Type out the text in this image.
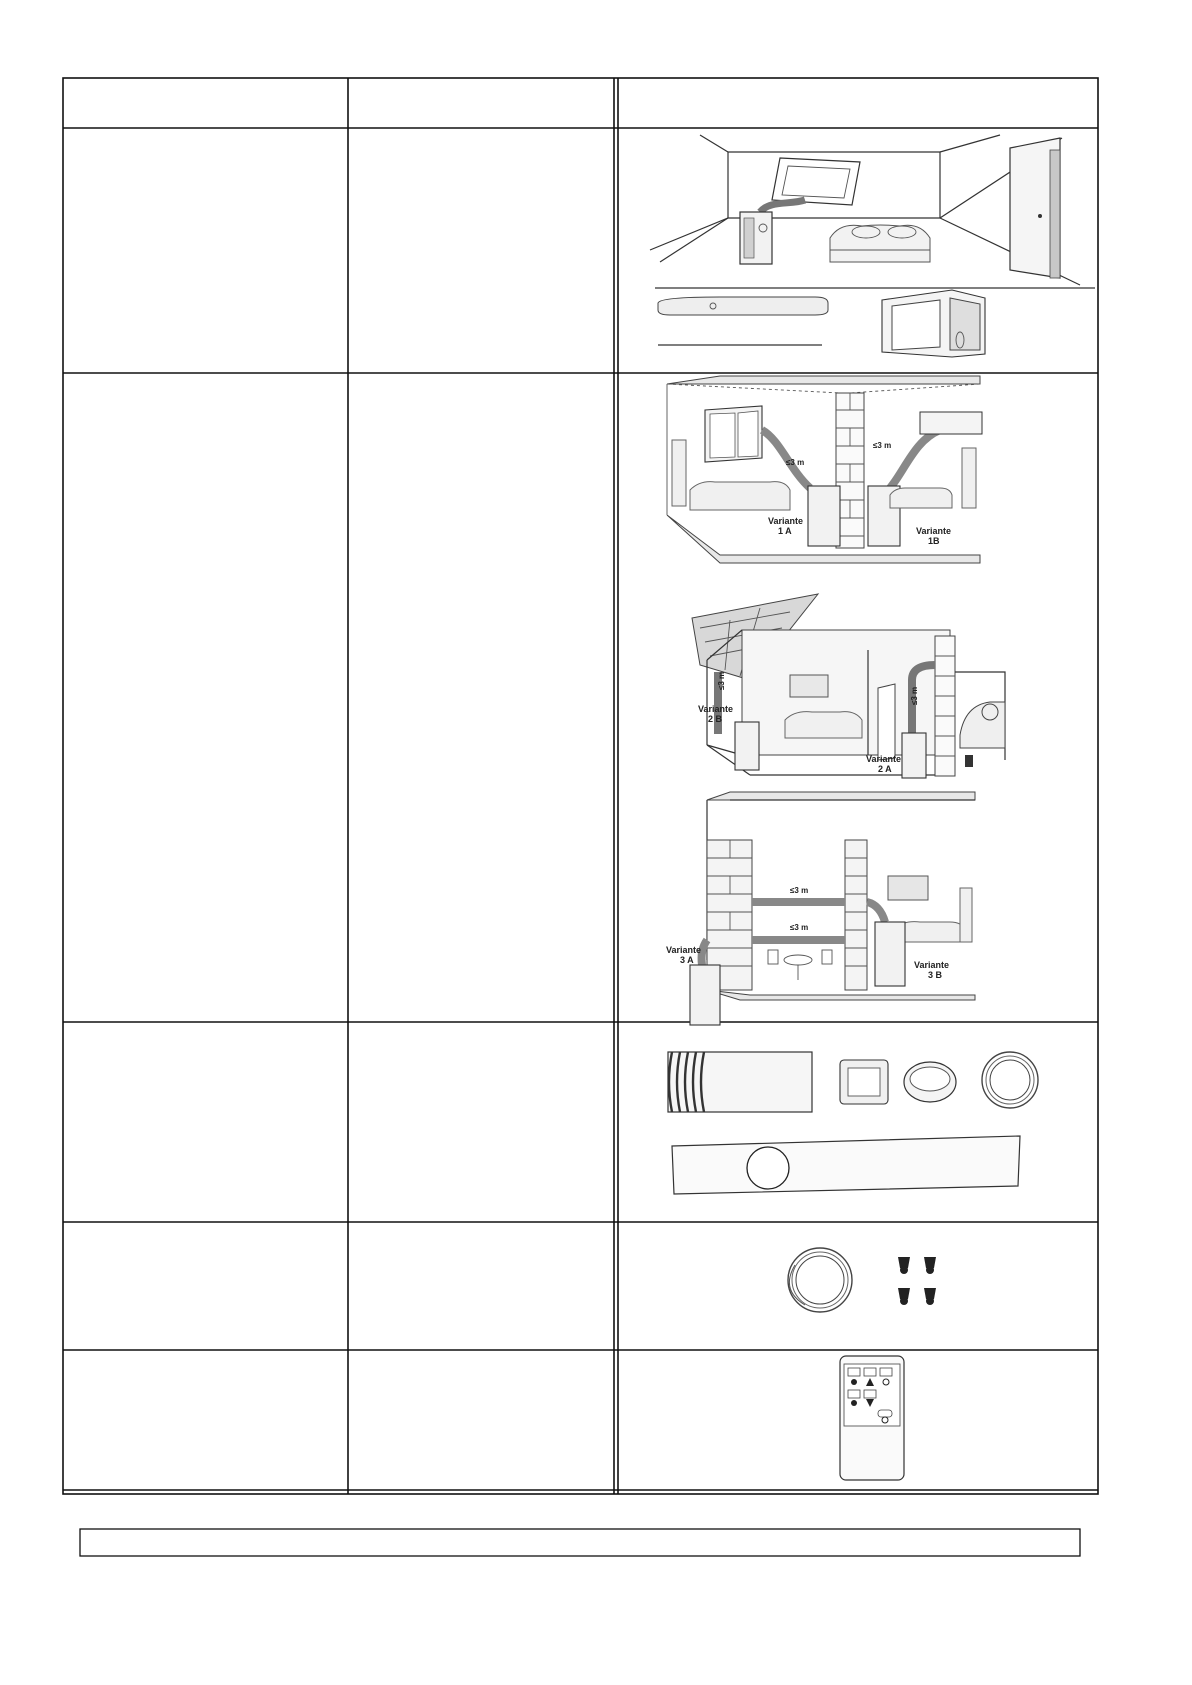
≤3 m
≤3 m
Variante
1 A	Variante
1B
≤3 m
≤3 m
Variante
2 B
Variante
2 A
≤3 m
≤3 m
Variante
3 A	Variante
3 B
